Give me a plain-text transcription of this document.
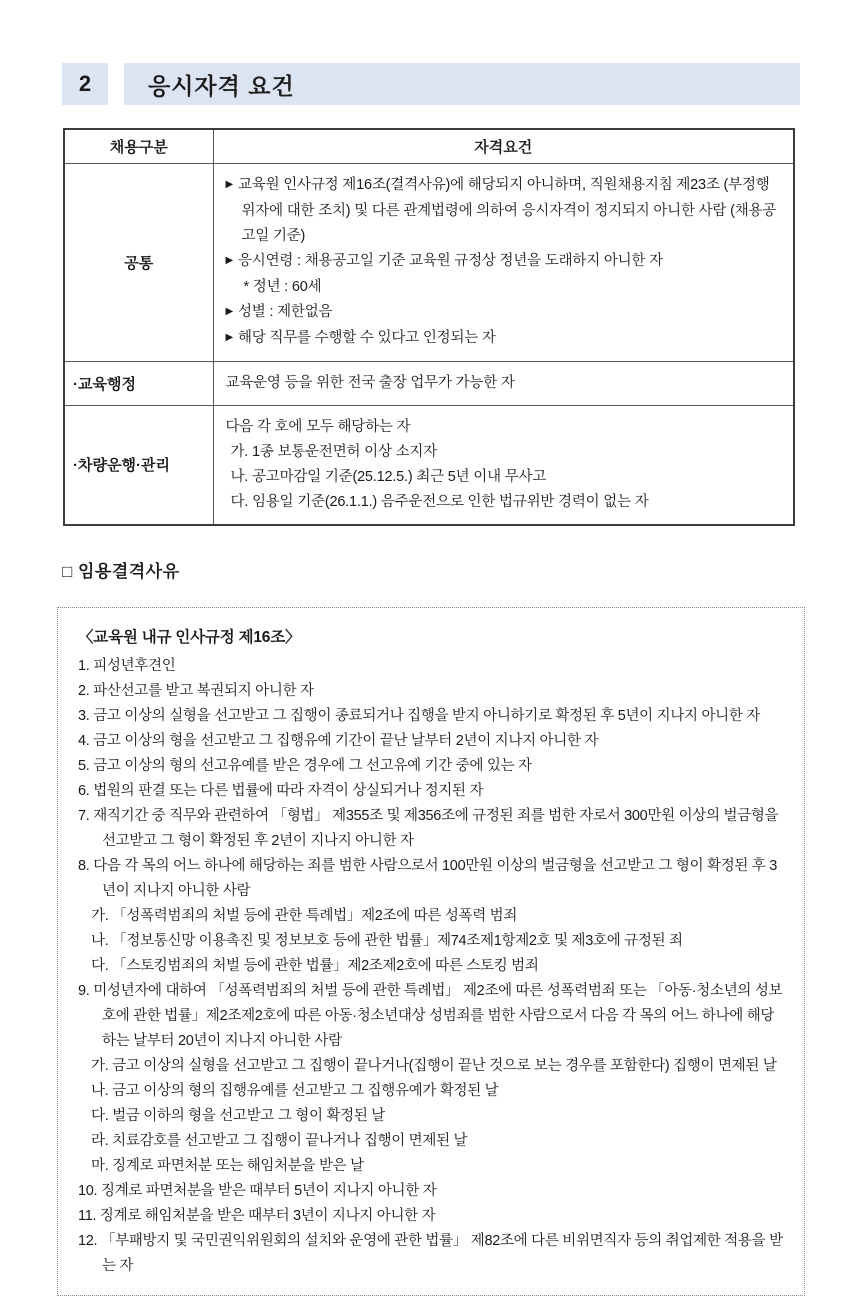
2	응시자격 요건
채용구분	자격요건
공통	▶ 교육원 인사규정 제16조(결격사유)에 해당되지 아니하며, 직원채용지침 제23조 (부정행위자에 대한 조치) 및 다른 관계법령에 의하여 응시자격이 정지되지 아니한 사람 (채용공고일 기준)
▶ 응시연령 : 채용공고일 기준 교육원 규정상 정년을 도래하지 아니한 자
* 정년 : 60세
▶ 성별 : 제한없음
▶ 해당 직무를 수행할 수 있다고 인정되는 자

·교육행정	교육운영 등을 위한 전국 출장 업무가 가능한 자

·차량운행·관리	다음 각 호에 모두 해당하는 자
가. 1종 보통운전면허 이상 소지자
나. 공고마감일 기준(25.12.5.) 최근 5년 이내 무사고
다. 임용일 기준(26.1.1.) 음주운전으로 인한 법규위반 경력이 없는 자
□ 임용결격사유
〈교육원 내규 인사규정 제16조〉
1. 피성년후견인
2. 파산선고를 받고 복권되지 아니한 자
3. 금고 이상의 실형을 선고받고 그 집행이 종료되거나 집행을 받지 아니하기로 확정된 후 5년이 지나지 아니한 자
4. 금고 이상의 형을 선고받고 그 집행유예 기간이 끝난 날부터 2년이 지나지 아니한 자
5. 금고 이상의 형의 선고유예를 받은 경우에 그 선고유예 기간 중에 있는 자
6. 법원의 판결 또는 다른 법률에 따라 자격이 상실되거나 정지된 자
7. 재직기간 중 직무와 관련하여 「형법」 제355조 및 제356조에 규정된 죄를 범한 자로서 300만원 이상의 벌금형을 선고받고 그 형이 확정된 후 2년이 지나지 아니한 자
8. 다음 각 목의 어느 하나에 해당하는 죄를 범한 사람으로서 100만원 이상의 벌금형을 선고받고 그 형이 확정된 후 3년이 지나지 아니한 사람
가. 「성폭력범죄의 처벌 등에 관한 특례법」제2조에 따른 성폭력 범죄
나. 「정보통신망 이용촉진 및 정보보호 등에 관한 법률」제74조제1항제2호 및 제3호에 규정된 죄
다. 「스토킹범죄의 처벌 등에 관한 법률」제2조제2호에 따른 스토킹 범죄
9. 미성년자에 대하여 「성폭력범죄의 처벌 등에 관한 특례법」 제2조에 따른 성폭력범죄 또는 「아동·청소년의 성보호에 관한 법률」제2조제2호에 따른 아동·청소년대상 성범죄를 범한 사람으로서 다음 각 목의 어느 하나에 해당하는 날부터 20년이 지나지 아니한 사람
가. 금고 이상의 실형을 선고받고 그 집행이 끝나거나(집행이 끝난 것으로 보는 경우를 포함한다) 집행이 면제된 날
나. 금고 이상의 형의 집행유예를 선고받고 그 집행유예가 확정된 날
다. 벌금 이하의 형을 선고받고 그 형이 확정된 날
라. 치료감호를 선고받고 그 집행이 끝나거나 집행이 면제된 날
마. 징계로 파면처분 또는 해임처분을 받은 날
10. 징계로 파면처분을 받은 때부터 5년이 지나지 아니한 자
11. 징계로 해임처분을 받은 때부터 3년이 지나지 아니한 자
12. 「부패방지 및 국민권익위원회의 설치와 운영에 관한 법률」 제82조에 다른 비위면직자 등의 취업제한 적용을 받는 자
